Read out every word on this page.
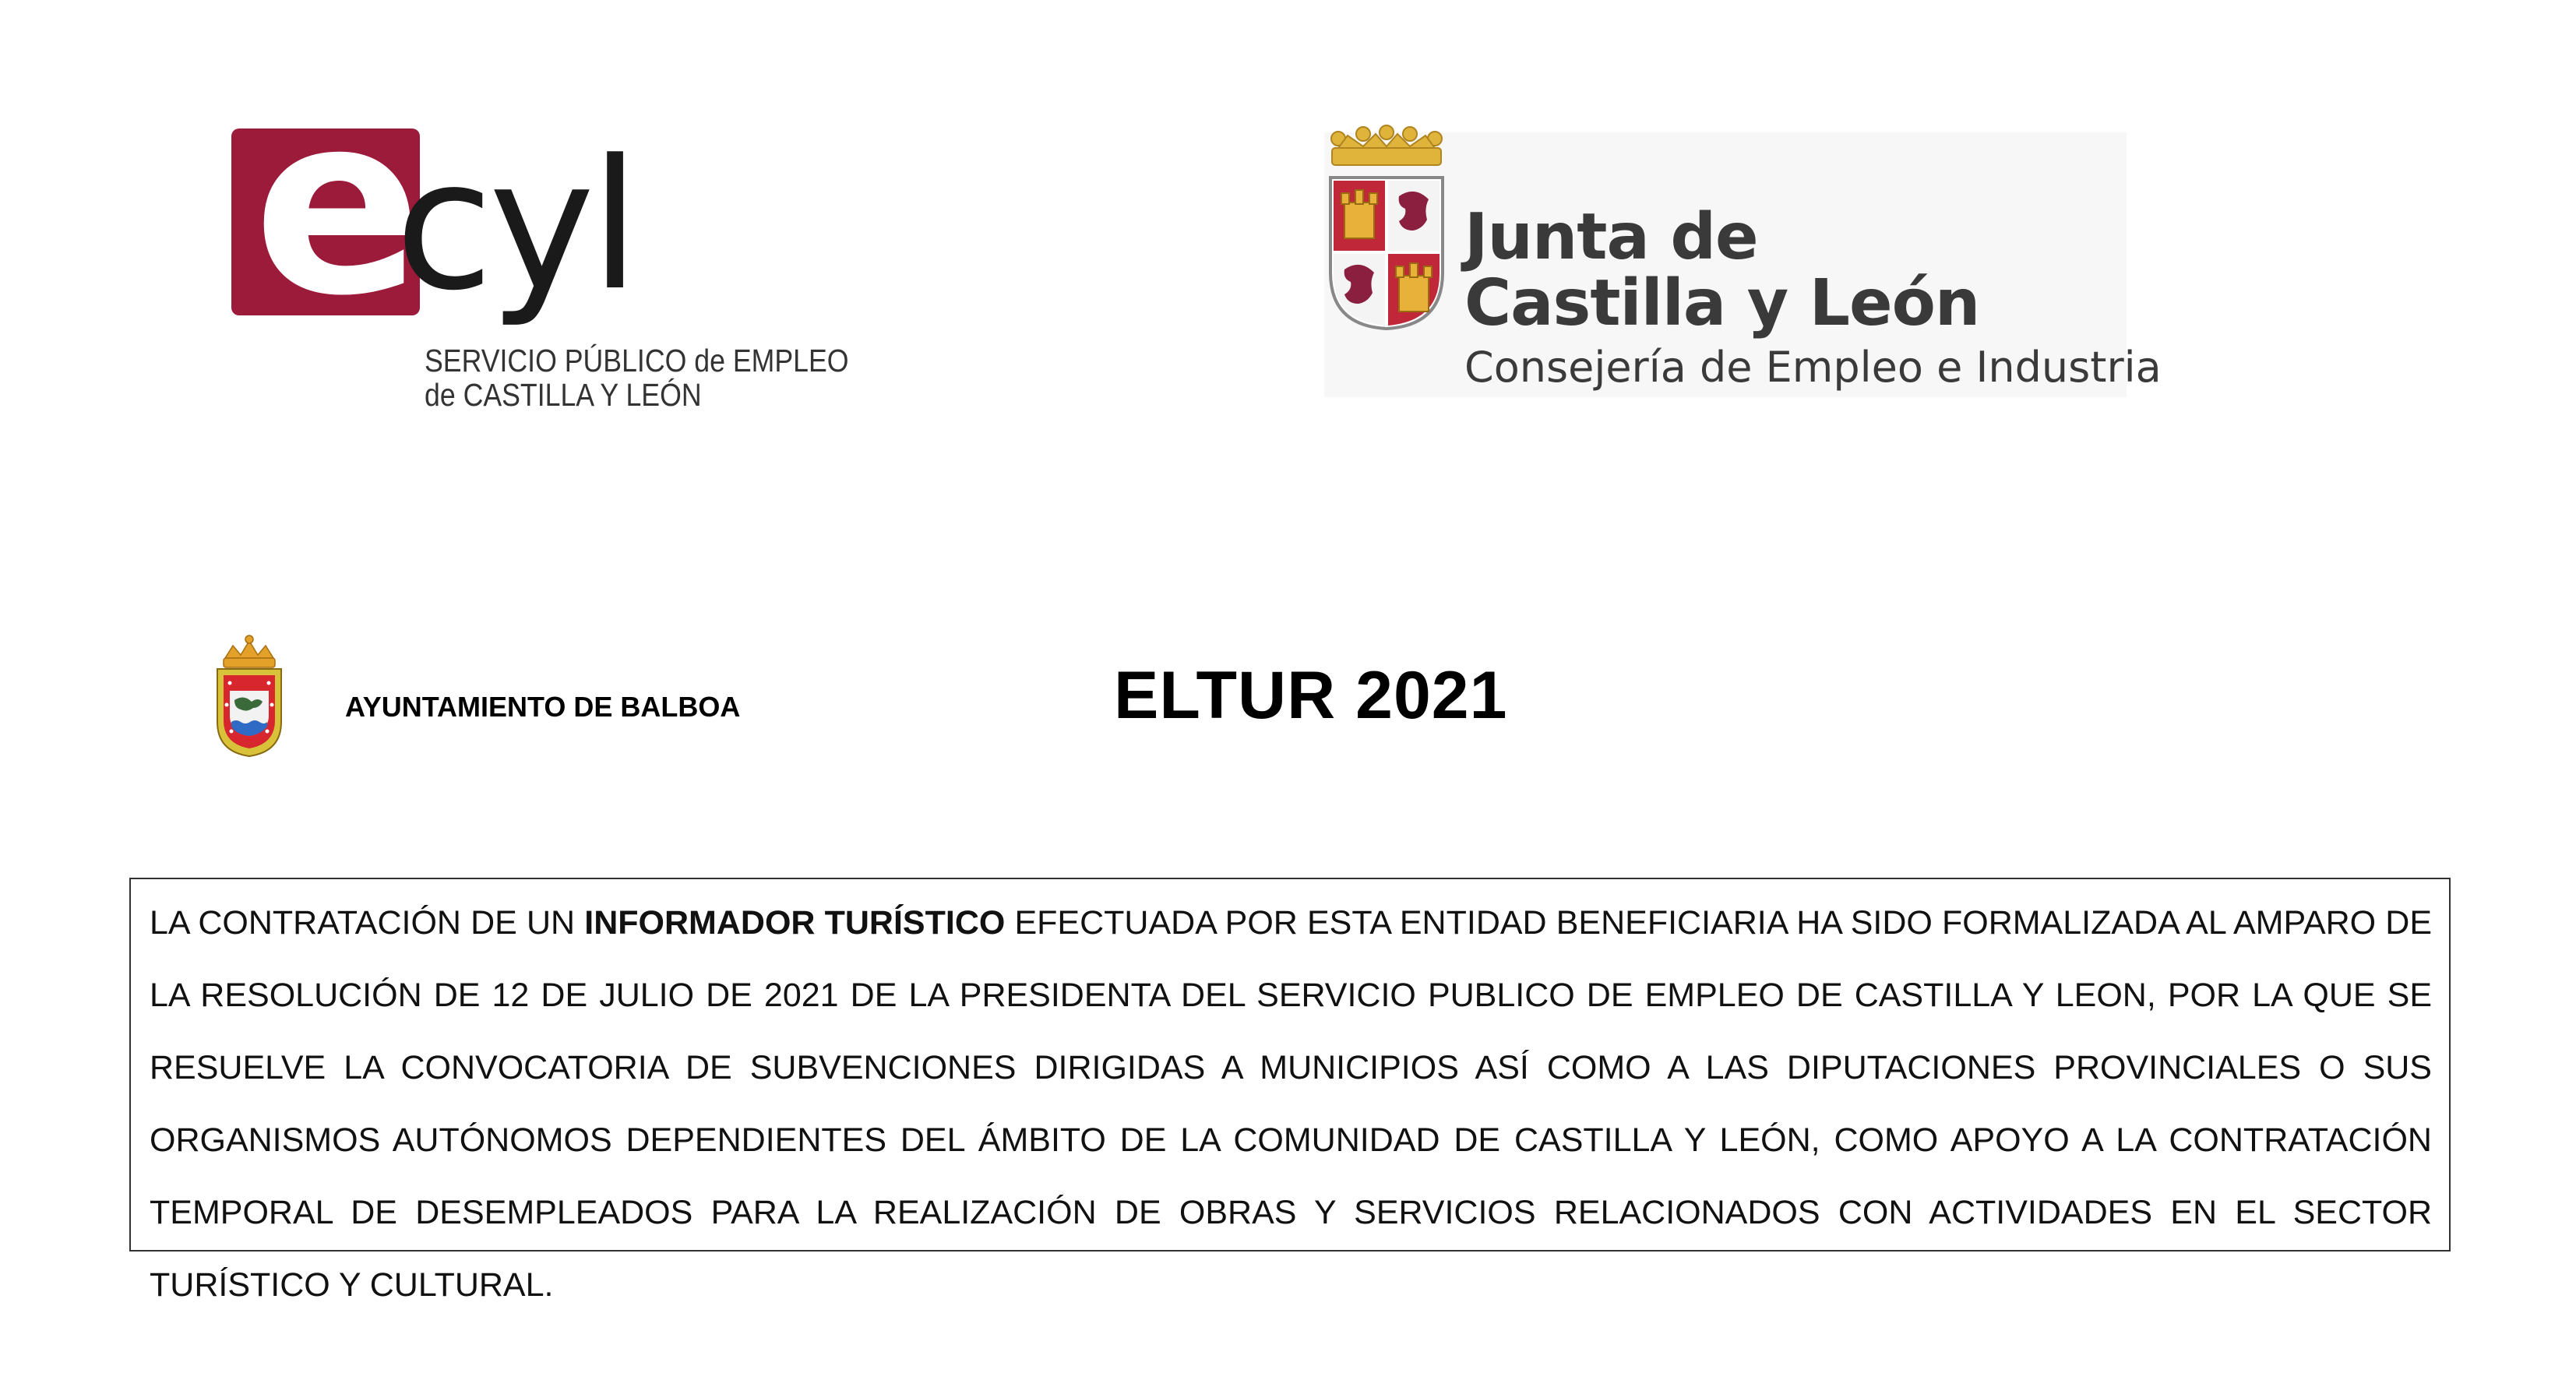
e
cyl
SERVICIO PÚBLICO de EMPLEO
de CASTILLA Y LEÓN
Junta de
Castilla y León
Consejería de Empleo e Industria
AYUNTAMIENTO DE BALBOA	ELTUR 2021
LA CONTRATACIÓN DE UN INFORMADOR TURÍSTICO EFECTUADA POR ESTA ENTIDAD BENEFICIARIA HA SIDO FORMALIZADA AL AMPARO DE LA RESOLUCIÓN DE 12 DE JULIO DE 2021 DE LA PRESIDENTA DEL SERVICIO PUBLICO DE EMPLEO DE CASTILLA Y LEON, POR LA QUE SE RESUELVE LA CONVOCATORIA DE SUBVENCIONES DIRIGIDAS A MUNICIPIOS ASÍ COMO A LAS DIPUTACIONES PROVINCIALES O SUS ORGANISMOS AUTÓNOMOS DEPENDIENTES DEL ÁMBITO DE LA COMUNIDAD DE CASTILLA Y LEÓN, COMO APOYO A LA CONTRATACIÓN TEMPORAL DE DESEMPLEADOS PARA LA REALIZACIÓN DE OBRAS Y SERVICIOS RELACIONADOS CON ACTIVIDADES EN EL SECTOR TURÍSTICO Y CULTURAL.
